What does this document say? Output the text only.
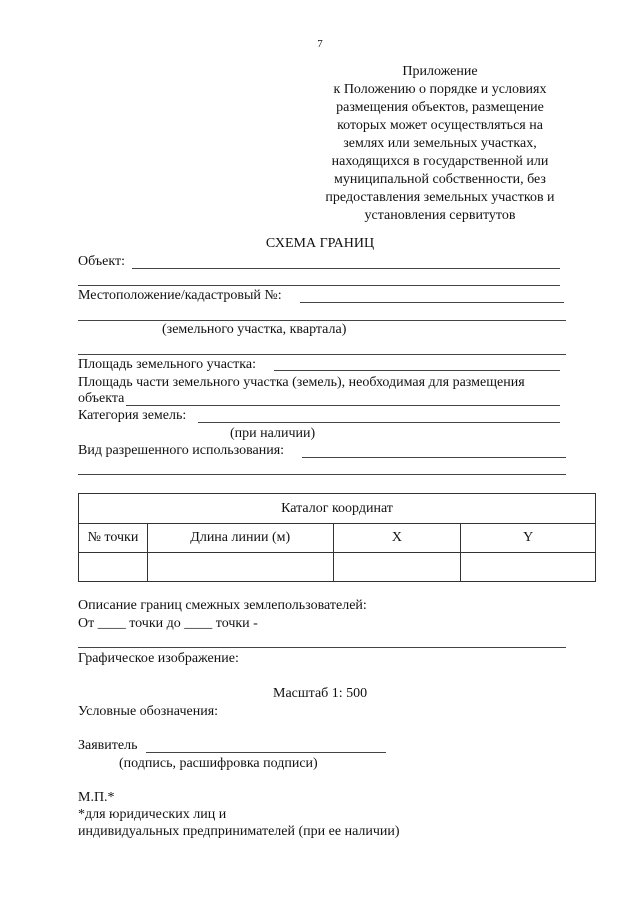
7
Приложение
к Положению о порядке и условиях
размещения объектов, размещение
которых может осуществляться на
землях или земельных участках,
находящихся в государственной или
муниципальной собственности, без
предоставления земельных участков и
установления сервитутов
СХЕМА ГРАНИЦ
Объект:
Местоположение/кадастровый №:
(земельного участка, квартала)
Площадь земельного участка:
Площадь части земельного участка (земель), необходимая для размещения
объекта
Категория земель:
(при наличии)
Вид разрешенного использования:
Каталог координат			
№ точки	Длина линии (м)	X	Y

Описание границ смежных землепользователей:
От ____ точки до ____ точки -
Графическое изображение:
Масштаб 1: 500
Условные обозначения:
Заявитель
(подпись, расшифровка подписи)
М.П.*
*для юридических лиц и
индивидуальных предпринимателей (при ее наличии)
